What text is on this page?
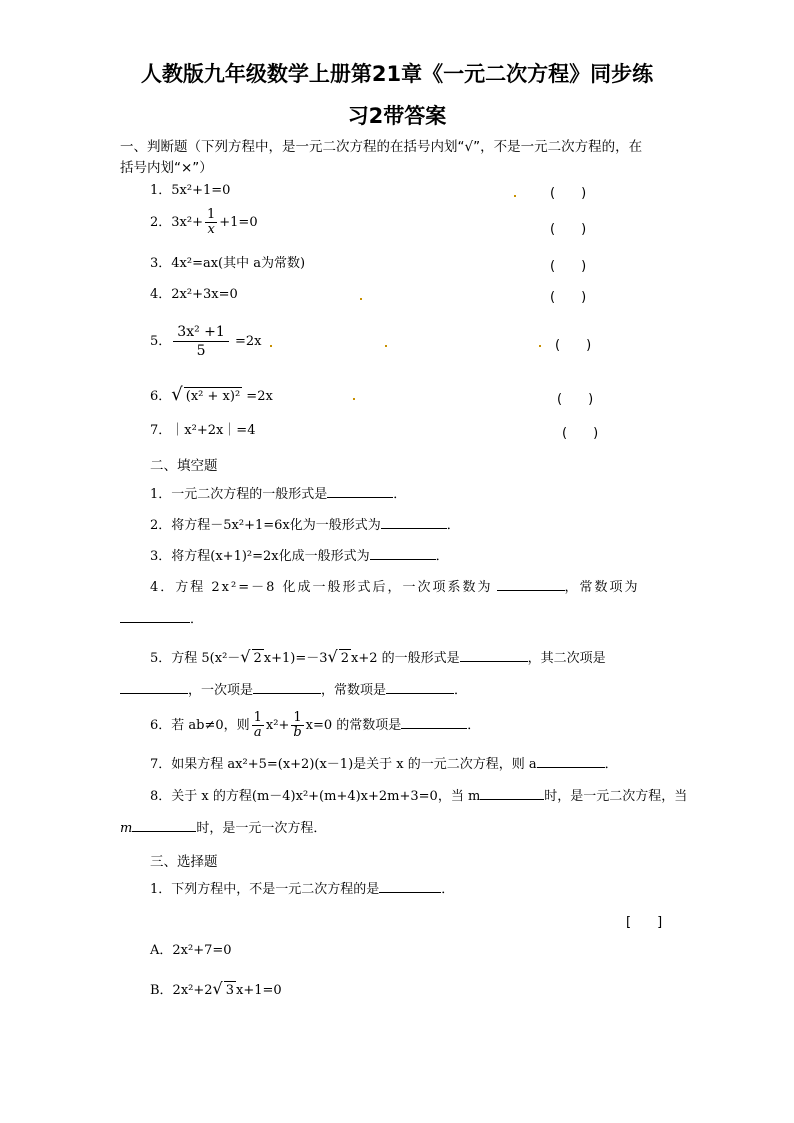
人教版九年级数学上册第21章《一元二次方程》同步练
习2带答案
一、判断题（下列方程中，是一元二次方程的在括号内划“√”，不是一元二次方程的，在
括号内划“×”）
1．5x²+1=0	(　　)
2．$3x^2+ \frac{1}{x} +1=0$	(　　)
3．4x²=ax(其中 a为常数)	(　　)
4．2x²+3x=0	(　　)
5． $\frac{\text{3x² +1}}{5} =2x$	(　　)
6．√ (x² + x)² =2x	(　　)
7．｜x²+2x｜=4	(　　)
二、填空题
1．一元二次方程的一般形式是	．
2．将方程－5x²+1=6x化为一般形式为	．
3．将方程(x+1)²=2x化成一般形式为	．
4．方程 2x²=－8 化成一般形式后，一次项系数为	，常数项为
．
5．方程 5(x²－√ 2 x+1)=－3√ 2 x+2 的一般形式是	，其二次项是
，一次项是	，常数项是	．
6．若 ab≠0，则 $\frac{1}{a} x^2+ \frac{1}{b} x=0$ 的常数项是	．
7．如果方程 ax²+5=(x+2)(x－1)是关于 x 的一元二次方程，则 a	．
8．关于 x 的方程(m－4)x²+(m+4)x+2m+3=0，当 m	时，是一元二次方程，当
m	时，是一元一次方程．
三、选择题
1．下列方程中，不是一元二次方程的是	．
[　　]
A．2x²+7=0
B．2x²+2√ 3 x+1=0
